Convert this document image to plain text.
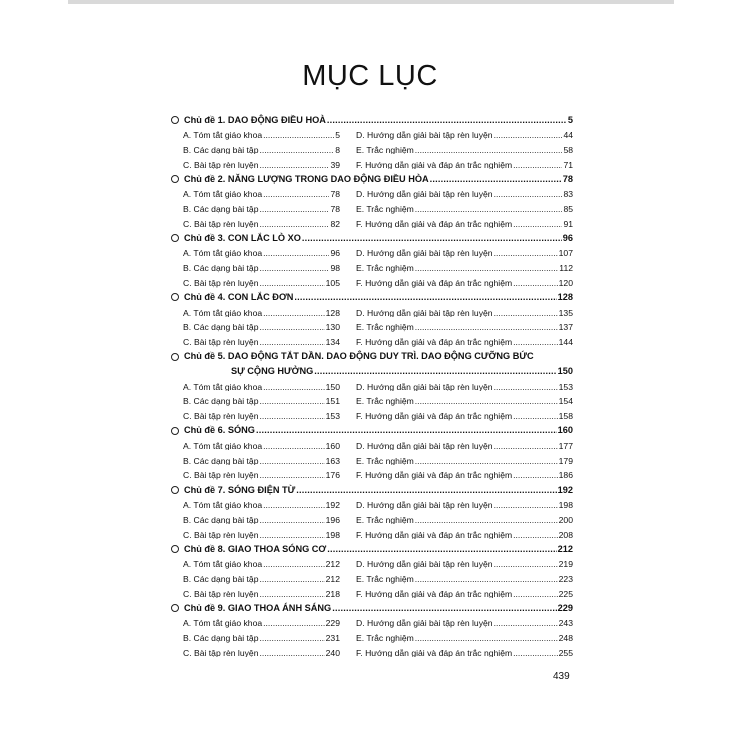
MỤC LỤC
Chủ đề 1. DAO ĐỘNG ĐIỀU HOÀ .....	5
A. Tóm tắt giáo khoa .....	5 D. Hướng dẫn giải bài tập rèn luyện .....	44
B. Các dạng bài tập .....	8 E. Trắc nghiệm .....	58
C. Bài tập rèn luyện .....	39 F. Hướng dẫn giải và đáp án trắc nghiệm .....	71
Chủ đề 2. NĂNG LƯỢNG TRONG DAO ĐỘNG ĐIỀU HÒA .....	78
A. Tóm tắt giáo khoa .....	78 D. Hướng dẫn giải bài tập rèn luyện .....	83
B. Các dạng bài tập .....	78 E. Trắc nghiệm .....	85
C. Bài tập rèn luyện .....	82 F. Hướng dẫn giải và đáp án trắc nghiệm .....	91
Chủ đề 3. CON LẮC LÒ XO .....	96
A. Tóm tắt giáo khoa .....	96 D. Hướng dẫn giải bài tập rèn luyện .....	107
B. Các dạng bài tập .....	98 E. Trắc nghiệm .....	112
C. Bài tập rèn luyện .....	105 F. Hướng dẫn giải và đáp án trắc nghiệm .....	120
Chủ đề 4. CON LẮC ĐƠN .....	128
A. Tóm tắt giáo khoa .....	128 D. Hướng dẫn giải bài tập rèn luyện .....	135
B. Các dạng bài tập .....	130 E. Trắc nghiệm .....	137
C. Bài tập rèn luyện .....	134 F. Hướng dẫn giải và đáp án trắc nghiệm .....	144
Chủ đề 5. DAO ĐỘNG TẮT DẦN. DAO ĐỘNG DUY TRÌ. DAO ĐỘNG CƯỠNG BỨC
SỰ CỘNG HƯỞNG .....	150
A. Tóm tắt giáo khoa .....	150 D. Hướng dẫn giải bài tập rèn luyện .....	153
B. Các dạng bài tập .....	151 E. Trắc nghiệm .....	154
C. Bài tập rèn luyện .....	153 F. Hướng dẫn giải và đáp án trắc nghiệm .....	158
Chủ đề 6. SÓNG .....	160
A. Tóm tắt giáo khoa .....	160 D. Hướng dẫn giải bài tập rèn luyện .....	177
B. Các dạng bài tập .....	163 E. Trắc nghiệm .....	179
C. Bài tập rèn luyện .....	176 F. Hướng dẫn giải và đáp án trắc nghiệm .....	186
Chủ đề 7. SÓNG ĐIỆN TỪ .....	192
A. Tóm tắt giáo khoa .....	192 D. Hướng dẫn giải bài tập rèn luyện .....	198
B. Các dạng bài tập .....	196 E. Trắc nghiệm .....	200
C. Bài tập rèn luyện .....	198 F. Hướng dẫn giải và đáp án trắc nghiệm .....	208
Chủ đề 8. GIAO THOA SÓNG CƠ .....	212
A. Tóm tắt giáo khoa .....	212 D. Hướng dẫn giải bài tập rèn luyện .....	219
B. Các dạng bài tập .....	212 E. Trắc nghiệm .....	223
C. Bài tập rèn luyện .....	218 F. Hướng dẫn giải và đáp án trắc nghiệm .....	225
Chủ đề 9. GIAO THOA ÁNH SÁNG .....	229
A. Tóm tắt giáo khoa .....	229 D. Hướng dẫn giải bài tập rèn luyện .....	243
B. Các dạng bài tập .....	231 E. Trắc nghiệm .....	248
C. Bài tập rèn luyện .....	240 F. Hướng dẫn giải và đáp án trắc nghiệm .....	255
439
